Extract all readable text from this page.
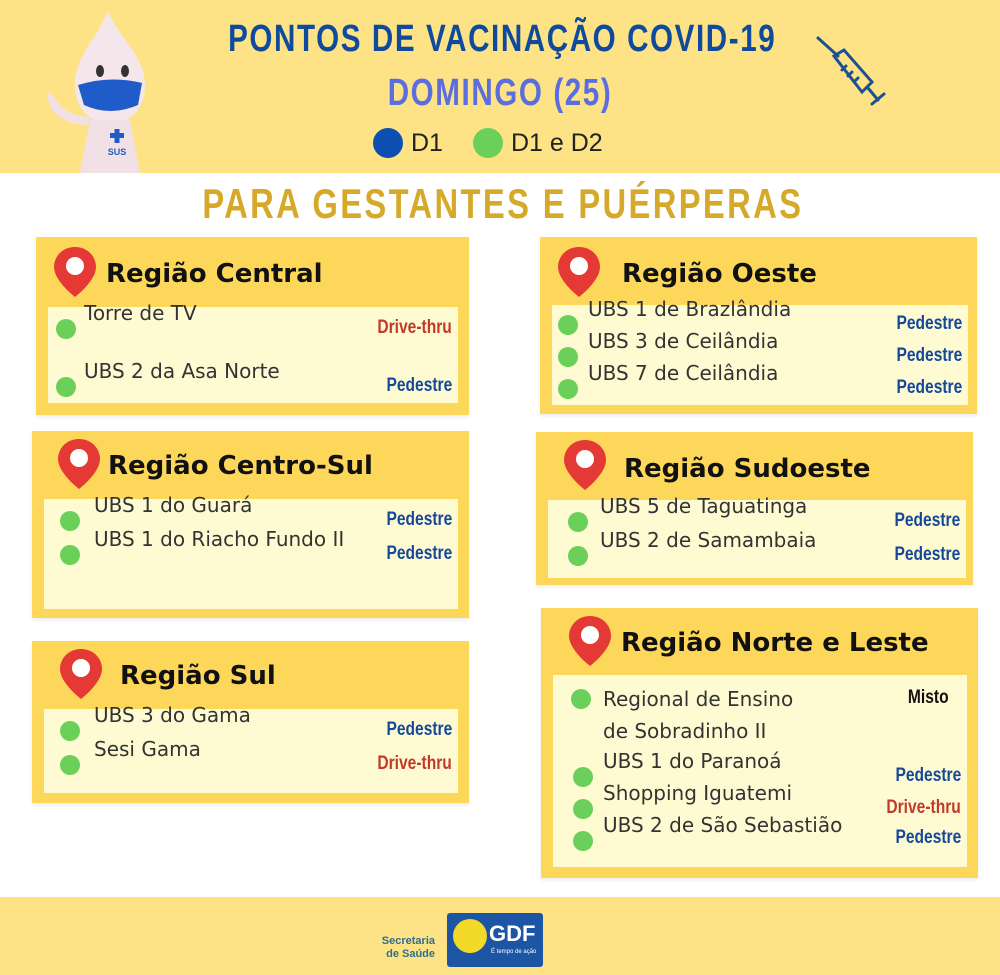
SUS
PONTOS DE VACINAÇÃO COVID-19
DOMINGO (25)
D1	D1 e D2
PARA GESTANTES E PUÉRPERAS
Região Central
Torre de TV
Drive-thru
UBS 2 da Asa Norte
Pedestre
Região Centro-Sul
UBS 1 do Guará
Pedestre
UBS 1 do Riacho Fundo II
Pedestre
Região Sul
UBS 3 do Gama
Pedestre
Sesi Gama
Drive-thru
Região Oeste
UBS 1 de Brazlândia
Pedestre
UBS 3 de Ceilândia
Pedestre
UBS 7 de Ceilândia
Pedestre
Região Sudoeste
UBS 5 de Taguatinga
Pedestre
UBS 2 de Samambaia
Pedestre
Região Norte e Leste
Regional de Ensino
de Sobradinho II
Misto
UBS 1 do Paranoá
Pedestre
Shopping Iguatemi
Drive-thru
UBS 2 de São Sebastião
Pedestre
Secretaria
de Saúde
GDF
É tempo de ação
